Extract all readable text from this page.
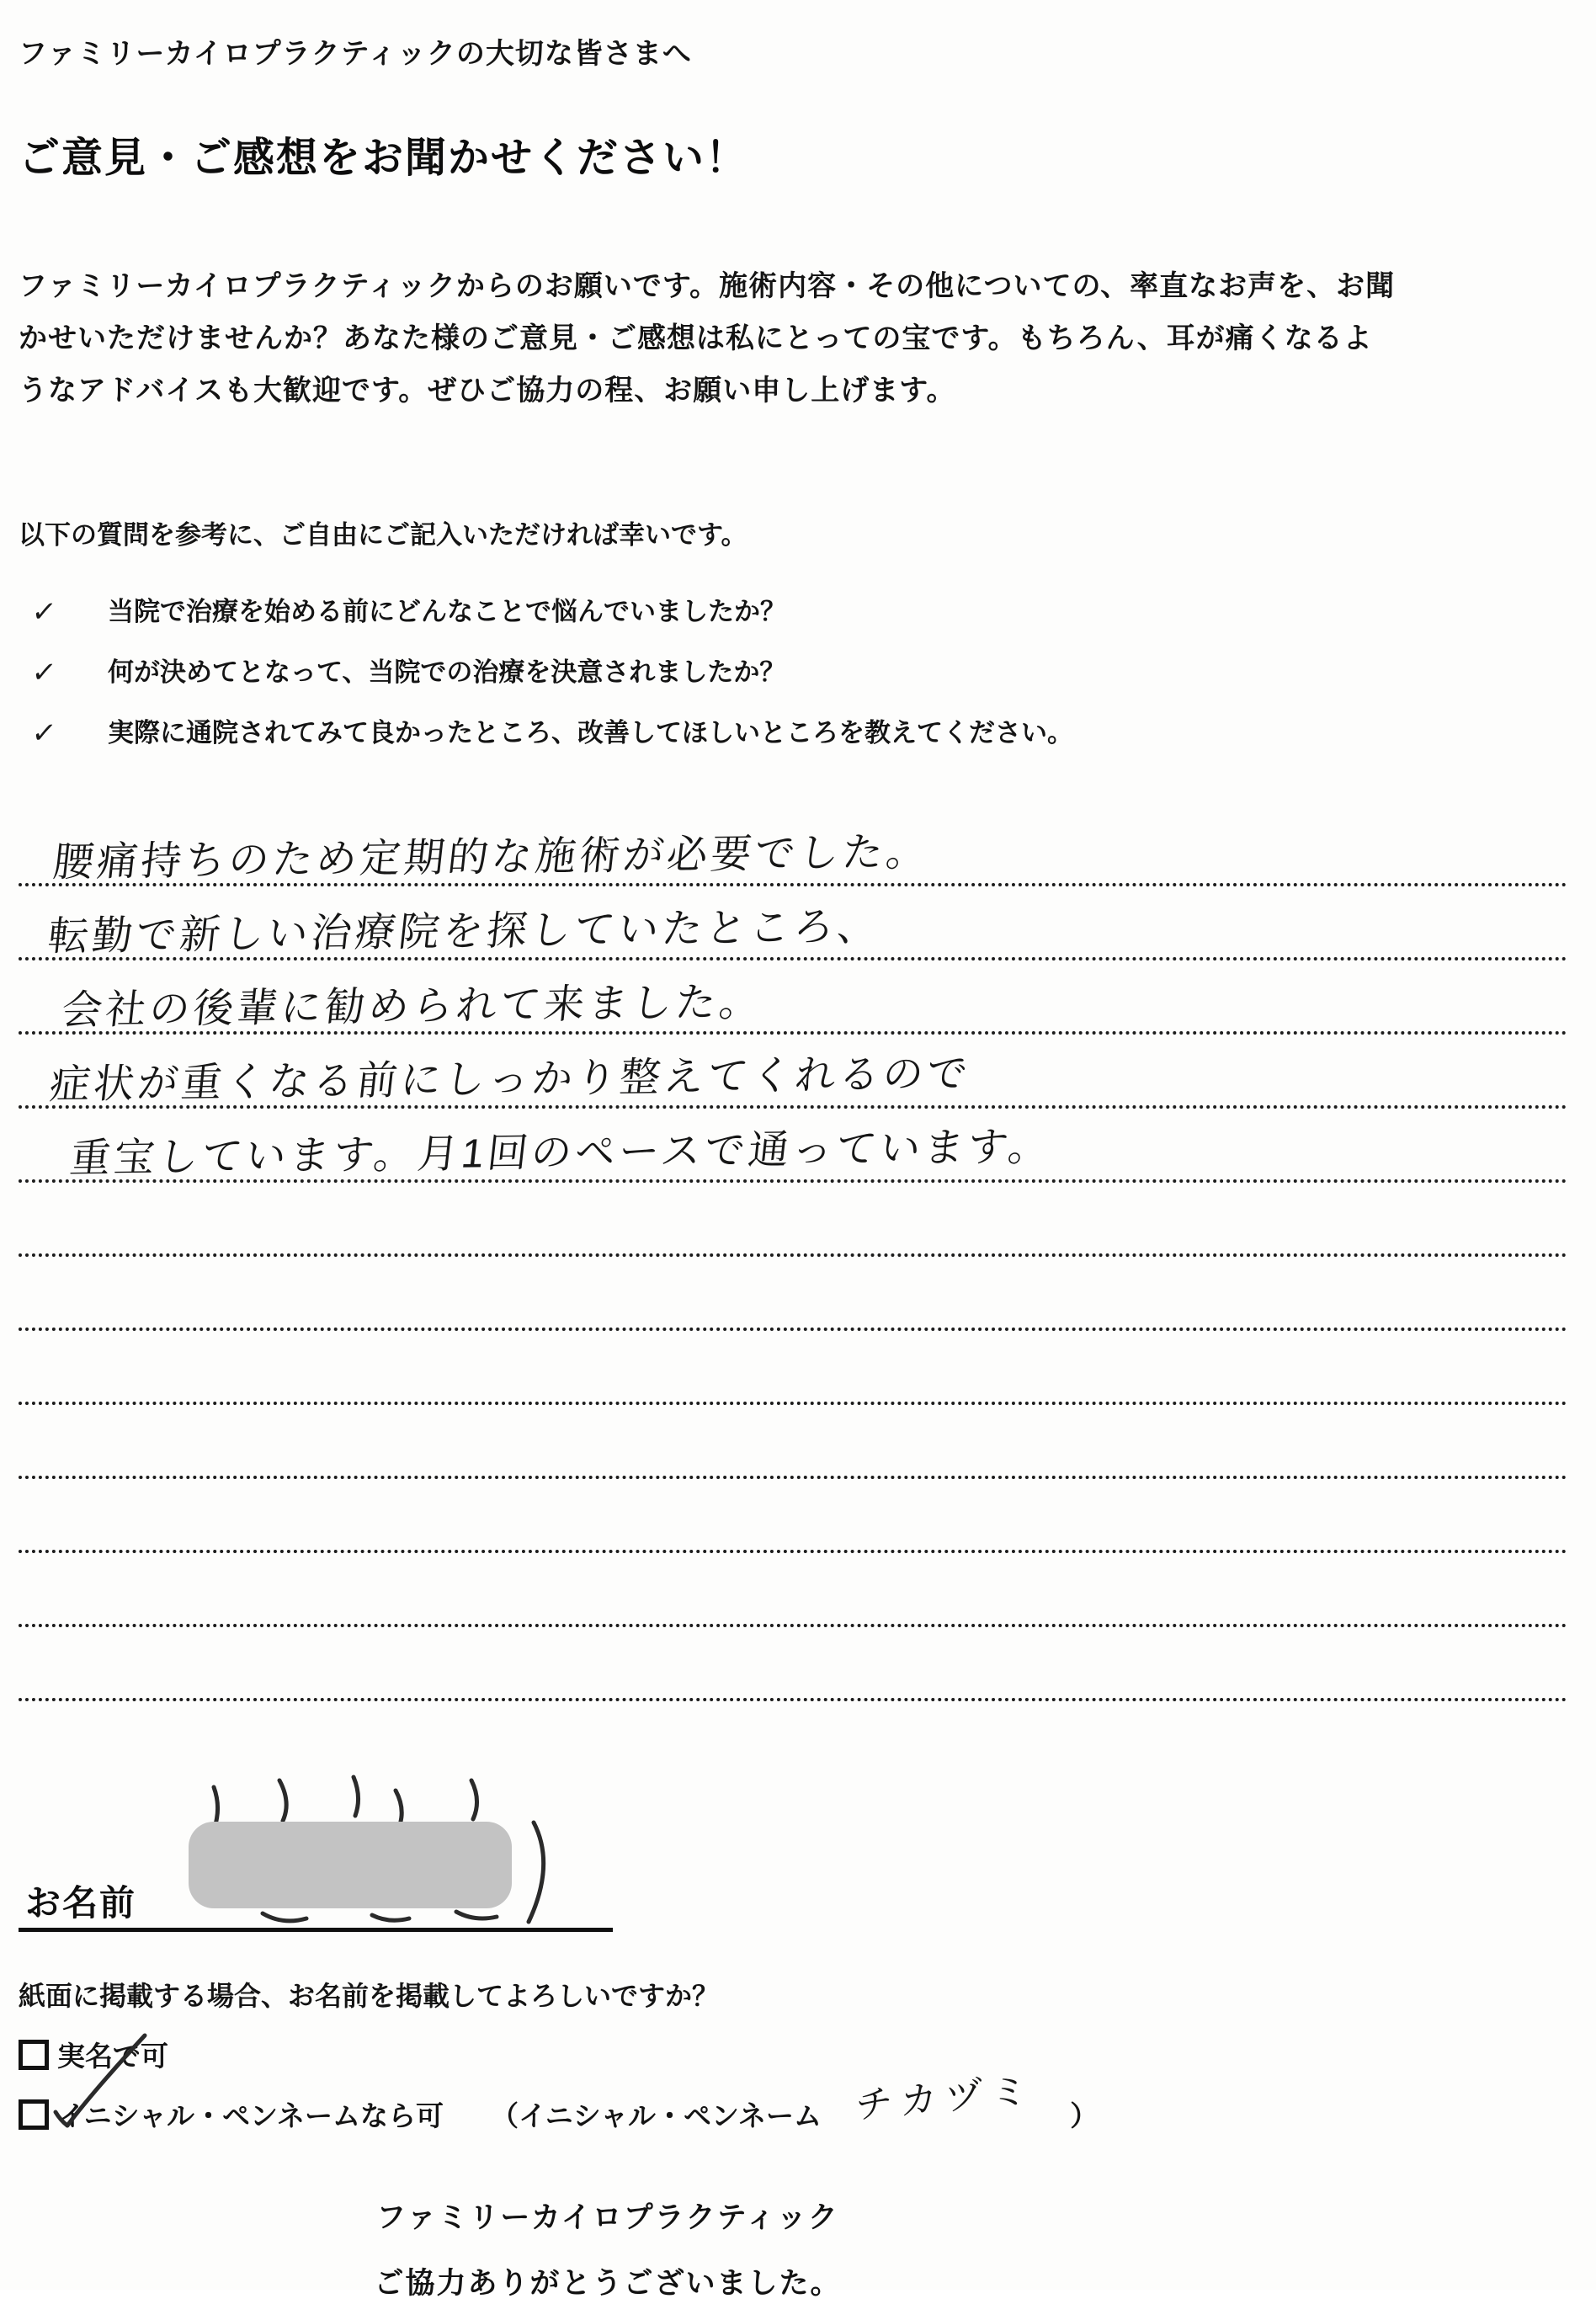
ファミリーカイロプラクティックの大切な皆さまへ
ご意見・ご感想をお聞かせください！
ファミリーカイロプラクティックからのお願いです。施術内容・その他についての、率直なお声を、お聞
かせいただけませんか？あなた様のご意見・ご感想は私にとっての宝です。もちろん、耳が痛くなるよ
うなアドバイスも大歓迎です。ぜひご協力の程、お願い申し上げます。
以下の質問を参考に、ご自由にご記入いただければ幸いです。
✓	当院で治療を始める前にどんなことで悩んでいましたか？
✓	何が決めてとなって、当院での治療を決意されましたか？
✓	実際に通院されてみて良かったところ、改善してほしいところを教えてください。
腰痛持ちのため定期的な施術が必要でした。
転勤で新しい治療院を探していたところ、
会社の後輩に勧められて来ました。
症状が重くなる前にしっかり整えてくれるので
重宝しています。月1回のペースで通っています。
お名前
紙面に掲載する場合、お名前を掲載してよろしいですか？
実名で可
イニシャル・ペンネームなら可 （イニシャル・ペンネーム チカヅミ ）
ファミリーカイロプラクティック
ご協力ありがとうございました。
